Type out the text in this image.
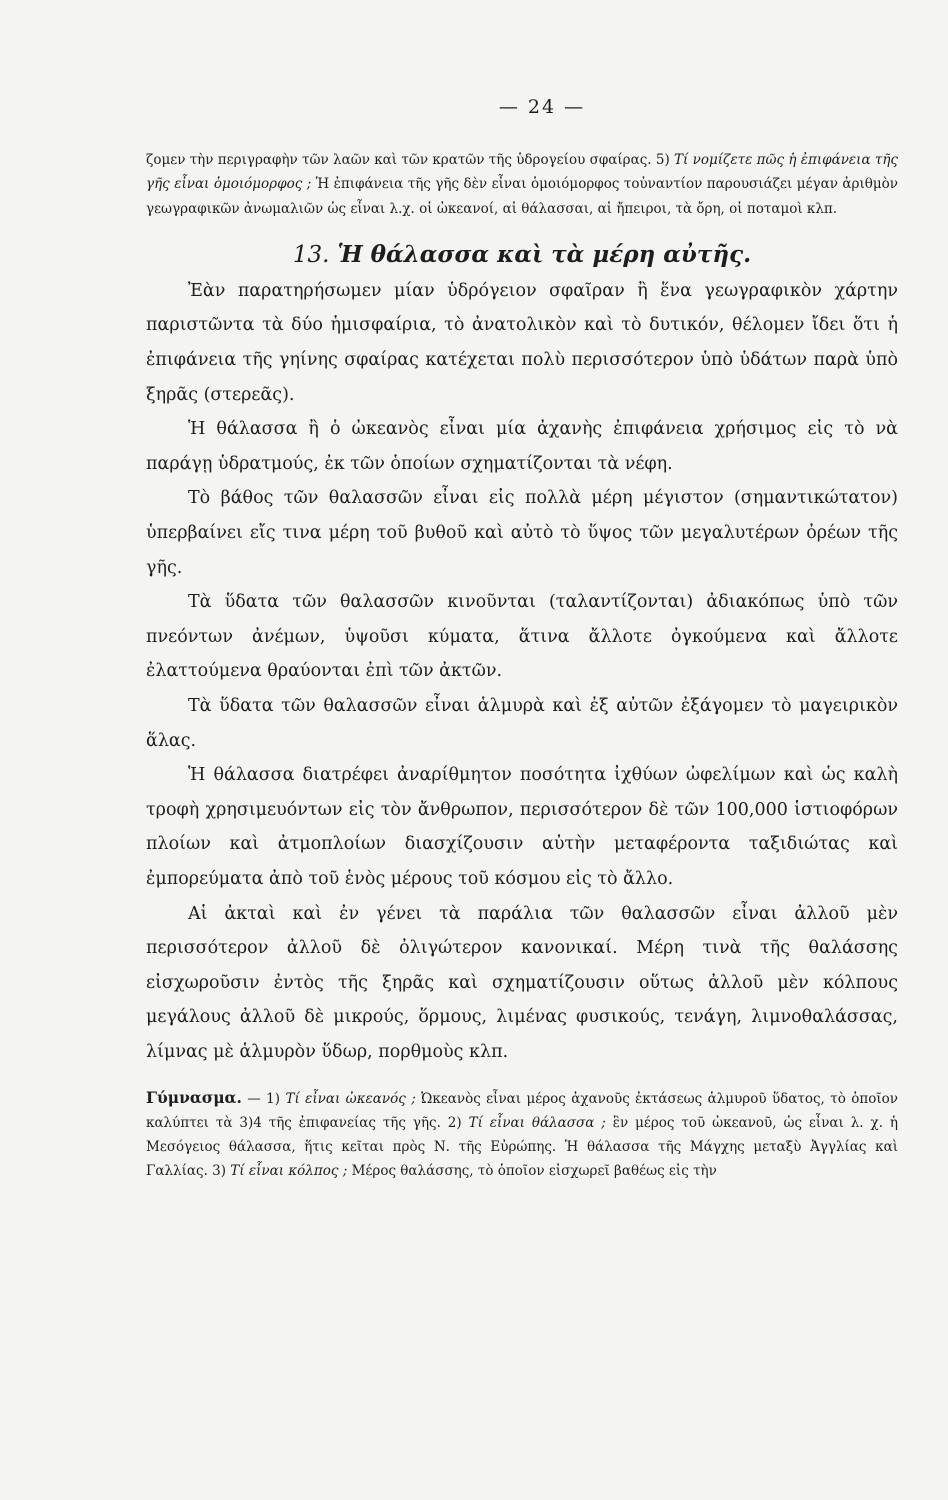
— 24 —

ζομεν τὴν περιγραφὴν τῶν λαῶν καὶ τῶν κρατῶν τῆς ὑδρογείου σφαίρας. 5) Τί νομίζετε πῶς ἡ ἐπιφάνεια τῆς γῆς εἶναι ὁμοιόμορφος ; Ἡ ἐπιφάνεια τῆς γῆς δὲν εἶναι ὁμοιόμορφος τοὐναντίον παρουσιάζει μέγαν ἀριθμὸν γεωγραφικῶν ἀνωμαλιῶν ὡς εἶναι λ.χ. οἱ ὠκεανοί, αἱ θάλασσαι, αἱ ἤπειροι, τὰ ὄρη, οἱ ποταμοὶ κλπ.

13. Ἡ θάλασσα καὶ τὰ μέρη αὐτῆς.

Ἐὰν παρατηρήσωμεν μίαν ὑδρόγειον σφαῖραν ἢ ἕνα γεωγραφικὸν χάρτην παριστῶντα τὰ δύο ἡμισφαίρια, τὸ ἀνατολικὸν καὶ τὸ δυτικόν, θέλομεν ἴδει ὅτι ἡ ἐπιφάνεια τῆς γηίνης σφαίρας κατέχεται πολὺ περισσότερον ὑπὸ ὑδάτων παρὰ ὑπὸ ξηρᾶς (στερεᾶς).

Ἡ θάλασσα ἢ ὁ ὠκεανὸς εἶναι μία ἀχανὴς ἐπιφάνεια χρήσιμος εἰς τὸ νὰ παράγῃ ὑδρατμούς, ἐκ τῶν ὁποίων σχηματίζονται τὰ νέφη.

Τὸ βάθος τῶν θαλασσῶν εἶναι εἰς πολλὰ μέρη μέγιστον (σημαντικώτατον) ὑπερβαίνει εἴς τινα μέρη τοῦ βυθοῦ καὶ αὐτὸ τὸ ὕψος τῶν μεγαλυτέρων ὀρέων τῆς γῆς.

Τὰ ὕδατα τῶν θαλασσῶν κινοῦνται (ταλαντίζονται) ἀδιακόπως ὑπὸ τῶν πνεόντων ἀνέμων, ὑψοῦσι κύματα, ἅτινα ἄλλοτε ὀγκούμενα καὶ ἄλλοτε ἐλαττούμενα θραύονται ἐπὶ τῶν ἀκτῶν.

Τὰ ὕδατα τῶν θαλασσῶν εἶναι ἁλμυρὰ καὶ ἐξ αὐτῶν ἐξάγομεν τὸ μαγειρικὸν ἅλας.

Ἡ θάλασσα διατρέφει ἀναρίθμητον ποσότητα ἰχθύων ὠφελίμων καὶ ὡς καλὴ τροφὴ χρησιμευόντων εἰς τὸν ἄνθρωπον, περισσότερον δὲ τῶν 100,000 ἱστιοφόρων πλοίων καὶ ἀτμοπλοίων διασχίζουσιν αὐτὴν μεταφέροντα ταξιδιώτας καὶ ἐμπορεύματα ἀπὸ τοῦ ἑνὸς μέρους τοῦ κόσμου εἰς τὸ ἄλλο.

Αἱ ἀκταὶ καὶ ἐν γένει τὰ παράλια τῶν θαλασσῶν εἶναι ἀλλοῦ μὲν περισσότερον ἀλλοῦ δὲ ὀλιγώτερον κανονικαί. Μέρη τινὰ τῆς θαλάσσης εἰσχωροῦσιν ἐντὸς τῆς ξηρᾶς καὶ σχηματίζουσιν οὕτως ἀλλοῦ μὲν κόλπους μεγάλους ἀλλοῦ δὲ μικρούς, ὅρμους, λιμένας φυσικούς, τενάγη, λιμνοθαλάσσας, λίμνας μὲ ἁλμυρὸν ὕδωρ, πορθμοὺς κλπ.

Γύμνασμα. — 1) Τί εἶναι ὠκεανός ; Ὠκεανὸς εἶναι μέρος ἀχανοῦς ἐκτάσεως ἁλμυροῦ ὕδατος, τὸ ὁποῖον καλύπτει τὰ 3)4 τῆς ἐπιφανείας τῆς γῆς. 2) Τί εἶναι θάλασσα ; ἓν μέρος τοῦ ὠκεανοῦ, ὡς εἶναι λ. χ. ἡ Μεσόγειος θάλασσα, ἥτις κεῖται πρὸς Ν. τῆς Εὐρώπης. Ἡ θάλασσα τῆς Μάγχης μεταξὺ Ἀγγλίας καὶ Γαλλίας. 3) Τί εἶναι κόλπος ; Μέρος θαλάσσης, τὸ ὁποῖον εἰσχωρεῖ βαθέως εἰς τὴν
